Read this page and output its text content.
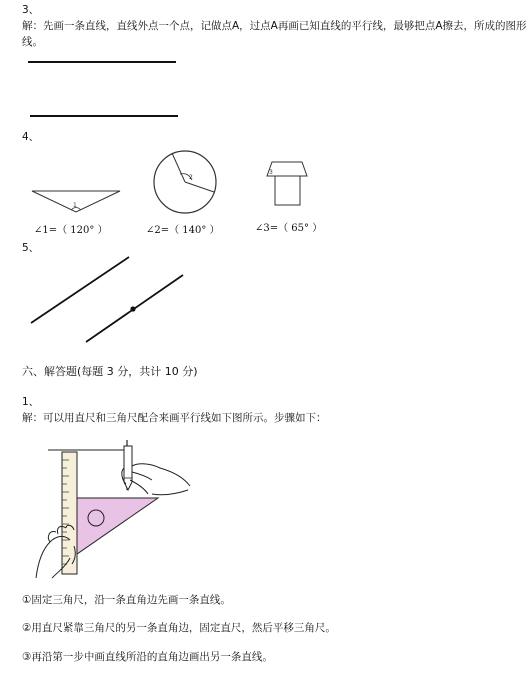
3、
解：先画一条直线，直线外点一个点，记做点A，过点A再画已知直线的平行线，最够把点A擦去，所成的图形线。
4、
1
2
3
∠1=（ 120° ）	∠2=（ 140° ）	∠3=（ 65° ）
5、
六、解答题(每题 3 分，共计 10 分)
1、
解：可以用直尺和三角尺配合来画平行线如下图所示。步骤如下：
①固定三角尺，沿一条直角边先画一条直线。
②用直尺紧靠三角尺的另一条直角边，固定直尺，然后平移三角尺。
③再沿第一步中画直线所沿的直角边画出另一条直线。
